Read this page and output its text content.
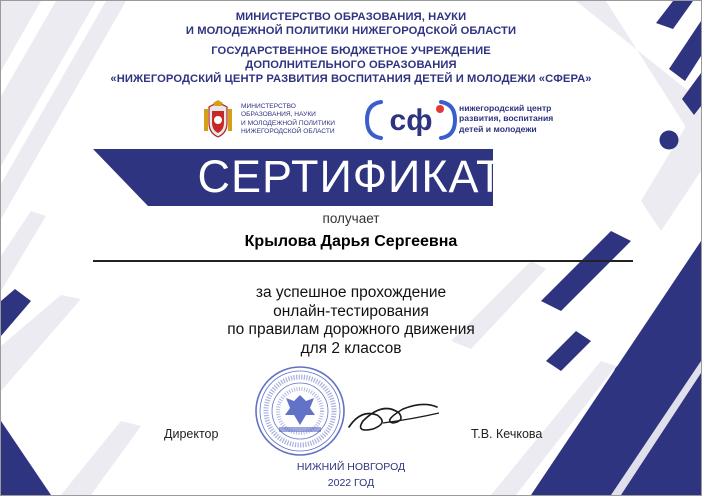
МИНИСТЕРСТВО ОБРАЗОВАНИЯ, НАУКИ
И МОЛОДЕЖНОЙ ПОЛИТИКИ НИЖЕГОРОДСКОЙ ОБЛАСТИ
ГОСУДАРСТВЕННОЕ БЮДЖЕТНОЕ УЧРЕЖДЕНИЕ
ДОПОЛНИТЕЛЬНОГО ОБРАЗОВАНИЯ
«НИЖЕГОРОДСКИЙ ЦЕНТР РАЗВИТИЯ ВОСПИТАНИЯ ДЕТЕЙ И МОЛОДЕЖИ «СФЕРА»
МИНИСТЕРСТВО
ОБРАЗОВАНИЯ, НАУКИ
И МОЛОДЕЖНОЙ ПОЛИТИКИ
НИЖЕГОРОДСКОЙ ОБЛАСТИ сф	нижегородский центр
развития, воспитания
детей и молодежи
СЕРТИФИКАТ
получает
Крылова Дарья Сергеевна
за успешное прохождение
онлайн-тестирования
по правилам дорожного движения
для 2 классов
Директор	Т.В. Кечкова
НИЖНИЙ НОВГОРОД
2022 ГОД
